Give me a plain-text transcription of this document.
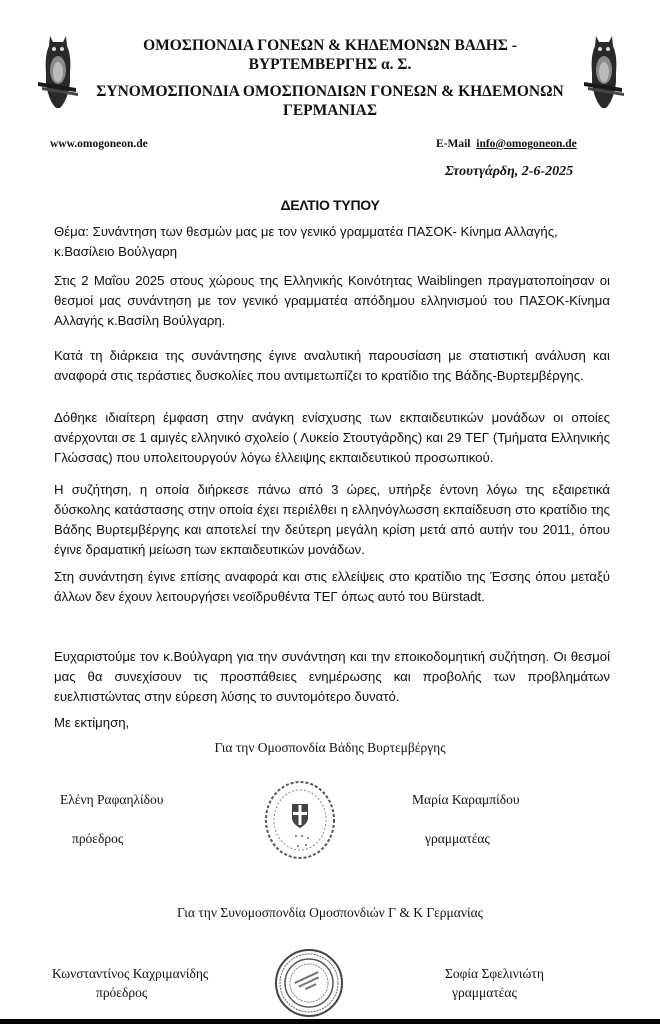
ΟΜΟΣΠΟΝΔΙΑ ΓΟΝΕΩΝ & ΚΗΔΕΜΟΝΩΝ ΒΑΔΗΣ -
ΒΥΡΤΕΜΒΕΡΓΗΣ α. Σ.
ΣΥΝΟΜΟΣΠΟΝΔΙΑ ΟΜΟΣΠΟΝΔΙΩΝ ΓΟΝΕΩΝ & ΚΗΔΕΜΟΝΩΝ
ΓΕΡΜΑΝΙΑΣ
www.omogoneon.de	E-Mail info@omogoneon.de
Στουτγάρδη, 2-6-2025
ΔΕΛΤΙΟ ΤΥΠΟΥ

Θέμα: Συνάντηση των θεσμών μας με τον γενικό γραμματέα ΠΑΣΟΚ- Κίνημα Αλλαγής, κ.Βασίλειο Βούλγαρη

Στις 2 Μαΐου 2025 στους χώρους της Ελληνικής Κοινότητας Waiblingen πραγματοποίησαν οι θεσμοί μας συνάντηση με τον γενικό γραμματέα απόδημου ελληνισμού του ΠΑΣΟΚ-Κίνημα Αλλαγής κ.Βασίλη Βούλγαρη.

Κατά τη διάρκεια της συνάντησης έγινε αναλυτική παρουσίαση με στατιστική ανάλυση και αναφορά στις τεράστιες δυσκολίες που αντιμετωπίζει το κρατίδιο της Βάδης-Βυρτεμβέργης.

Δόθηκε ιδιαίτερη έμφαση στην ανάγκη ενίσχυσης των εκπαιδευτικών μονάδων οι οποίες ανέρχονται σε 1 αμιγές ελληνικό σχολείο ( Λυκείο Στουτγάρδης) και 29 ΤΕΓ (Τμήματα Ελληνικής Γλώσσας) που υπολειτουργούν λόγω έλλειψης εκπαιδευτικού προσωπικού.

Η συζήτηση, η οποία διήρκεσε πάνω από 3 ώρες, υπήρξε έντονη λόγω της εξαιρετικά δύσκολης κατάστασης στην οποία έχει περιέλθει η ελληνόγλωσση εκπαίδευση στο κρατίδιο της Βάδης Βυρτεμβέργης και αποτελεί την δεύτερη μεγάλη κρίση μετά από αυτήν του 2011, όπου έγινε δραματική μείωση των εκπαιδευτικών μονάδων.

Στη συνάντηση έγινε επίσης αναφορά και στις ελλείψεις στο κρατίδιο της Έσσης όπου μεταξύ άλλων δεν έχουν λειτουργήσει νεοϊδρυθέντα ΤΕΓ όπως αυτό του Bürstadt.

Ευχαριστούμε τον κ.Βούλγαρη για την συνάντηση και την εποικοδομητική συζήτηση. Οι θεσμοί μας θα συνεχίσουν τις προσπάθειες ενημέρωσης και προβολής των προβλημάτων ευελπιστώντας στην εύρεση λύσης το συντομότερο δυνατό.

Με εκτίμηση,

Για την Ομοσπονδία Βάδης Βυρτεμβέργης
Ελένη Ραφαηλίδου
πρόεδρος
Μαρία Καραμπίδου
γραμματέας
Για την Συνομοσπονδία Ομοσπονδιών Γ & Κ Γερμανίας
Κωνσταντίνος Καχριμανίδης
πρόεδρος
Σοφία Σφελινιώτη
γραμματέας
